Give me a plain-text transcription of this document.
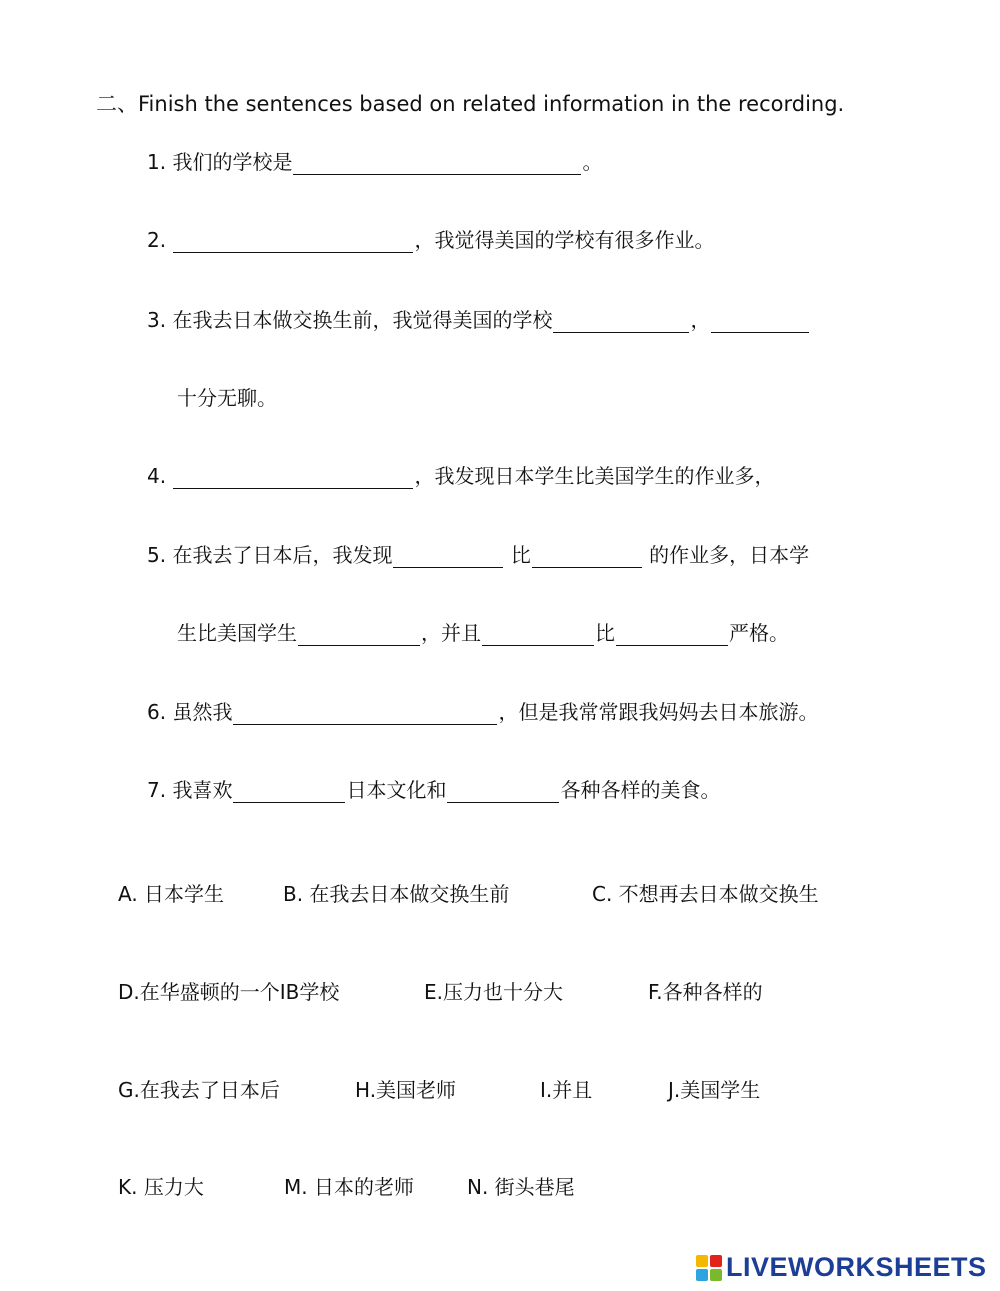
二、Finish the sentences based on related information in the recording.
1. 我们的学校是	。
2.	，我觉得美国的学校有很多作业。
3. 在我去日本做交换生前，我觉得美国的学校	，
十分无聊。
4.	，我发现日本学生比美国学生的作业多，
5. 在我去了日本后，我发现	比	的作业多，日本学
生比美国学生	，并且	比	严格。
6. 虽然我	，但是我常常跟我妈妈去日本旅游。
7. 我喜欢	日本文化和	各种各样的美食。
A. 日本学生	B. 在我去日本做交换生前	C. 不想再去日本做交换生
D.在华盛顿的一个IB学校	E.压力也十分大	F.各种各样的
G.在我去了日本后	H.美国老师	I.并且	J.美国学生
K. 压力大	M. 日本的老师	N. 街头巷尾
LIVEWORKSHEETS
